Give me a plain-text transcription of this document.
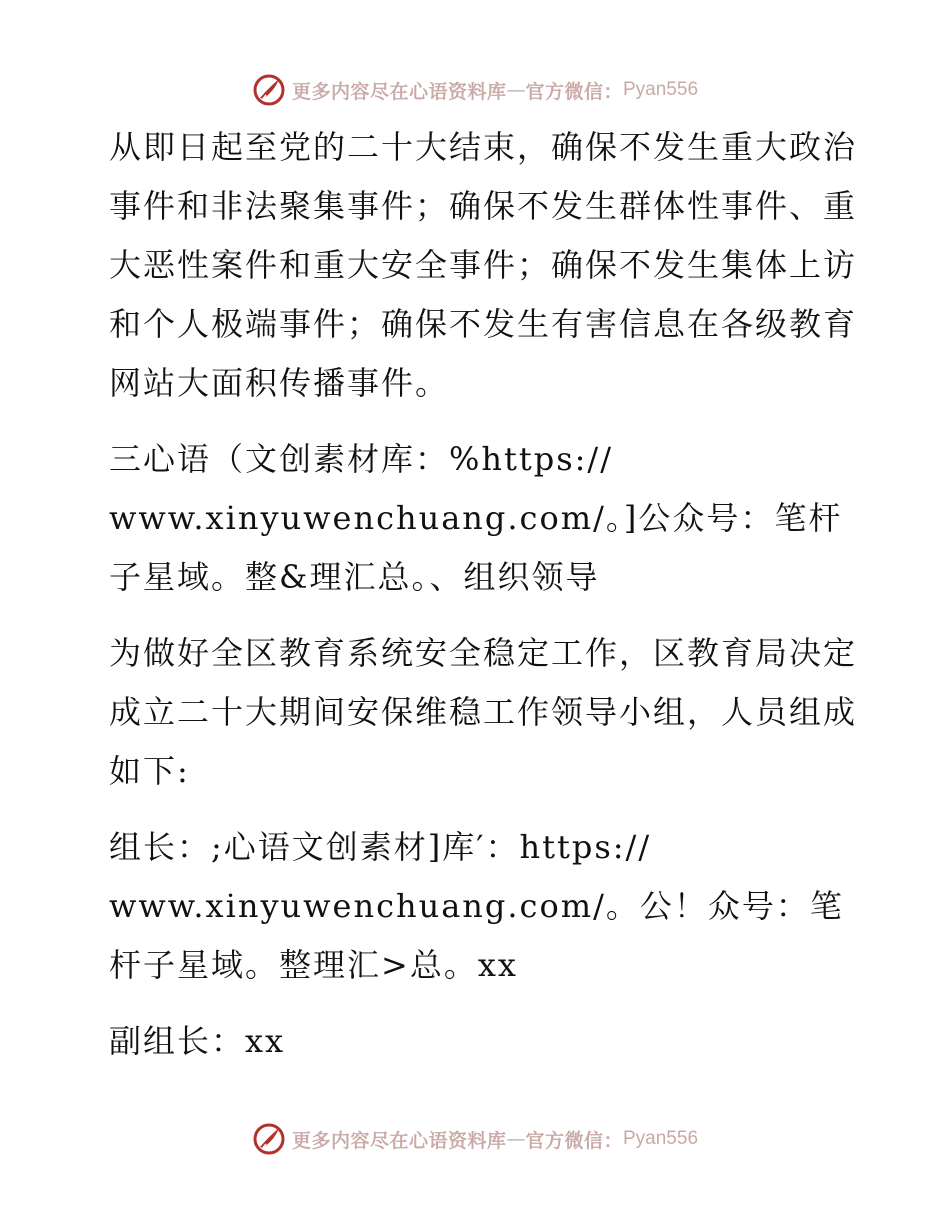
更多内容尽在心语资料库 — 官方微信： Pyan556

从即日起至党的二十大结束，确保不发生重大政治事件和非法聚集事件；确保不发生群体性事件、重大恶性案件和重大安全事件；确保不发生集体上访和个人极端事件；确保不发生有害信息在各级教育网站大面积传播事件。

三心语（文创素材库：%https://
www.xinyuwenchuang.com/。]公众号：笔杆子星域。整&理汇总。、组织领导

为做好全区教育系统安全稳定工作，区教育局决定成立二十大期间安保维稳工作领导小组，人员组成如下:

组长：;心语文创素材]库′：https://
www.xinyuwenchuang.com/。公！众号：笔杆子星域。整理汇>总。xx

副组长：xx

更多内容尽在心语资料库 — 官方微信： Pyan556
